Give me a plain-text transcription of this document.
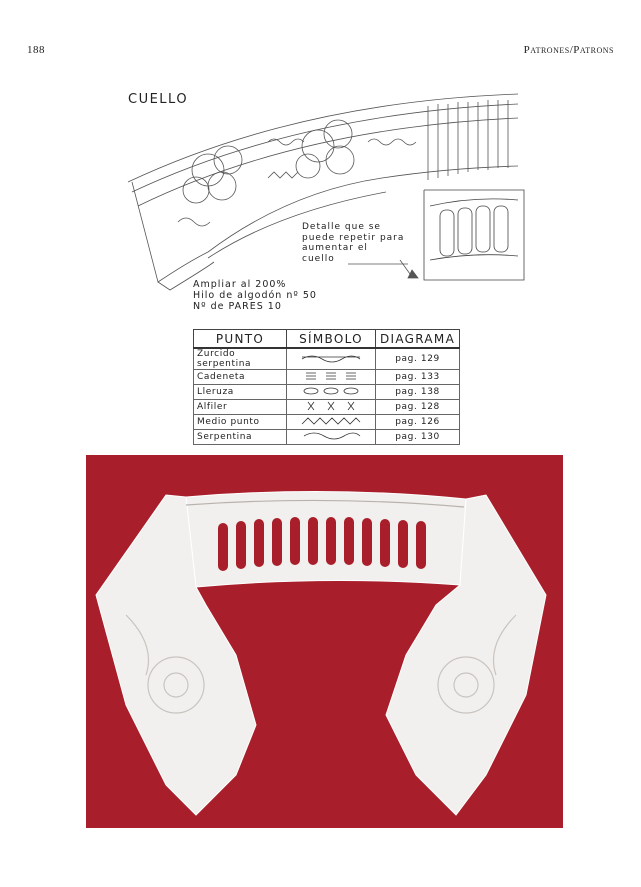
188	Patrones/Patrons
CUELLO
Detalle que se
puede repetir para
aumentar el
cuello
Ampliar al 200%
Hilo de algodón nº 50
Nº de PARES 10
PUNTO	SÍMBOLO	DIAGRAMA
Zurcido serpentina		pag. 129
Cadeneta		pag. 133
Lleruza		pag. 138
Alfiler		pag. 128
Medio punto		pag. 126
Serpentina		pag. 130
